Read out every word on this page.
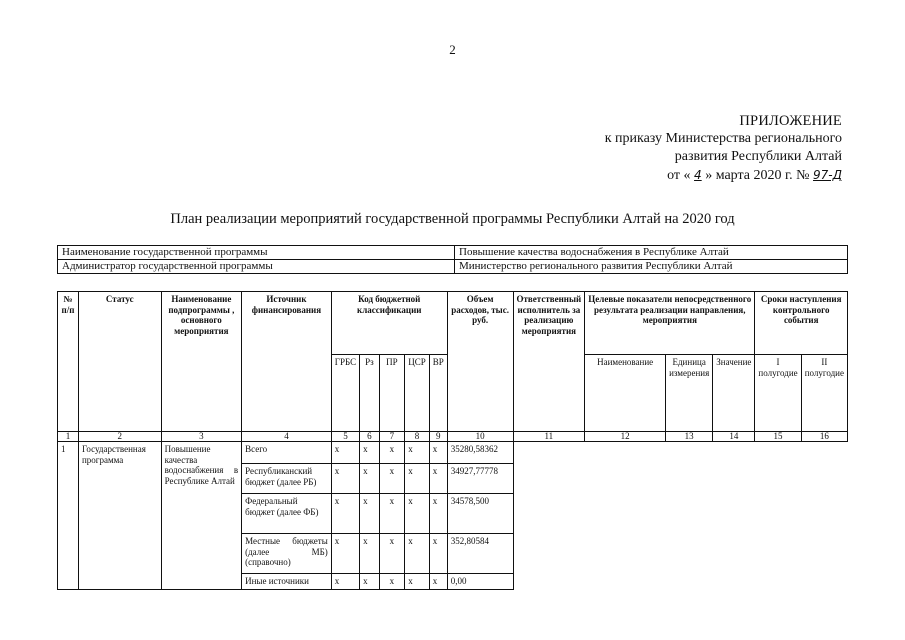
2
ПРИЛОЖЕНИЕ
к приказу Министерства регионального
развития Республики Алтай
от « 4 » марта 2020 г. № 97-Д
План реализации мероприятий государственной программы Республики Алтай на 2020 год
Наименование государственной программы	Повышение качества водоснабжения в Республике Алтай
Администратор государственной программы	Министерство регионального развития Республики Алтай
№ п/п	Статус	Наименование подпрограммы , основного мероприятия	Источник финансирования	Код бюджетной классификации					Объем расходов, тыс. руб.	Ответственный исполнитель за реализацию мероприятия	Целевые показатели непосредственного результата реализации направления, мероприятия			Сроки наступления контрольного события	
				ГРБС	Рз	ПР	ЦСР	ВР			Наименование	Единица измерения	Значение	I полугодие	II полугодие
1	2	3	4	5	6	7	8	9	10	11	12	13	14	15	16
1	Государственная программа	Повышение качества водоснабжения в Республике Алтай	Всего	x	x	x	x	x	35280,58362						
			Республиканский бюджет (далее РБ)	x	x	x	x	x	34927,77778						
			Федеральный бюджет (далее ФБ)	x	x	x	x	x	34578,500						
			Местные бюджеты (далее МБ)(справочно)	x	x	x	x	x	352,80584						
			Иные источники	x	x	x	x	x	0,00						
